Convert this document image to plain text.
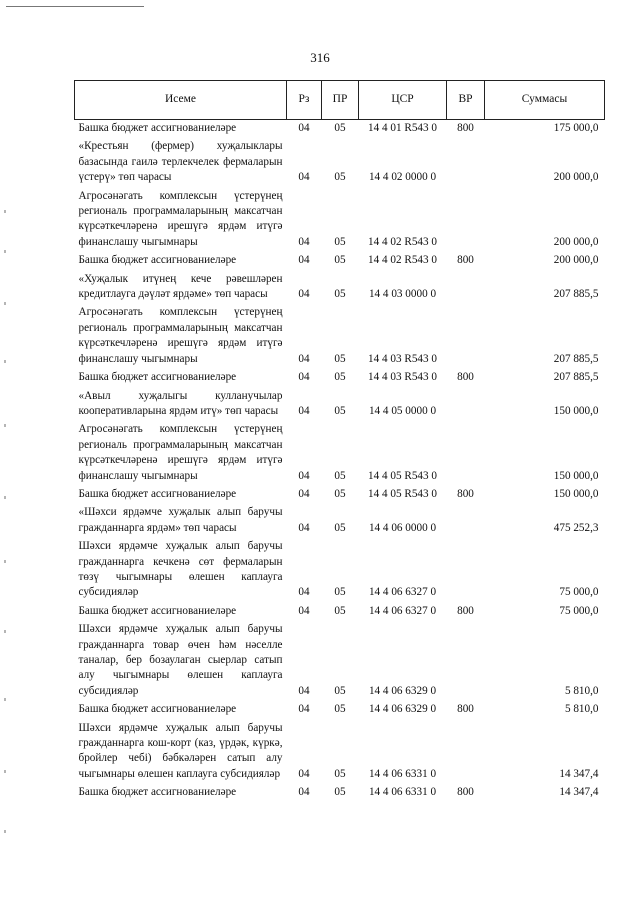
316
Исеме	Рз	ПР	ЦСР	ВР	Суммасы
Башка бюджет ассигнованиеләре	04	05	14 4 01 R543 0	800	175 000,0
«Крестьян (фермер) хуҗалыклары базасында гаилә терлекчелек фермаларын үстерү» төп чарасы	04	05	14 4 02 0000 0		200 000,0
Агросәнәгать комплексын үстерүнең региональ программаларының максатчан күрсәткечләренә ирешүгә ярдәм итүгә финанслашу чыгымнары	04	05	14 4 02 R543 0		200 000,0
Башка бюджет ассигнованиеләре	04	05	14 4 02 R543 0	800	200 000,0
«Хуҗалык итүнең кече рәвешләрен кредитлауга дәүләт ярдәме» төп чарасы	04	05	14 4 03 0000 0		207 885,5
Агросәнәгать комплексын үстерүнең региональ программаларының максатчан күрсәткечләренә ирешүгә ярдәм итүгә финанслашу чыгымнары	04	05	14 4 03 R543 0		207 885,5
Башка бюджет ассигнованиеләре	04	05	14 4 03 R543 0	800	207 885,5
«Авыл хуҗалыгы кулланучылар кооперативларына ярдәм итү» төп чарасы	04	05	14 4 05 0000 0		150 000,0
Агросәнәгать комплексын үстерүнең региональ программаларының максатчан күрсәткечләренә ирешүгә ярдәм итүгә финанслашу чыгымнары	04	05	14 4 05 R543 0		150 000,0
Башка бюджет ассигнованиеләре	04	05	14 4 05 R543 0	800	150 000,0
«Шәхси ярдәмче хуҗалык алып баручы гражданнарга ярдәм» төп чарасы	04	05	14 4 06 0000 0		475 252,3
Шәхси ярдәмче хуҗалык алып баручы гражданнарга кечкенә сөт фермаларын төзү чыгымнары өлешен каплауга субсидияләр	04	05	14 4 06 6327 0		75 000,0
Башка бюджет ассигнованиеләре	04	05	14 4 06 6327 0	800	75 000,0
Шәхси ярдәмче хуҗалык алып баручы гражданнарга товар өчен һәм нәселле таналар, бер бозаулаган сыерлар сатып алу чыгымнары өлешен каплауга субсидияләр	04	05	14 4 06 6329 0		5 810,0
Башка бюджет ассигнованиеләре	04	05	14 4 06 6329 0	800	5 810,0
Шәхси ярдәмче хуҗалык алып баручы гражданнарга кош-корт (каз, үрдәк, күркә, бройлер чебі) бәбкәләрен сатып алу чыгымнары өлешен каплауга субсидияләр	04	05	14 4 06 6331 0		14 347,4
Башка бюджет ассигнованиеләре	04	05	14 4 06 6331 0	800	14 347,4
